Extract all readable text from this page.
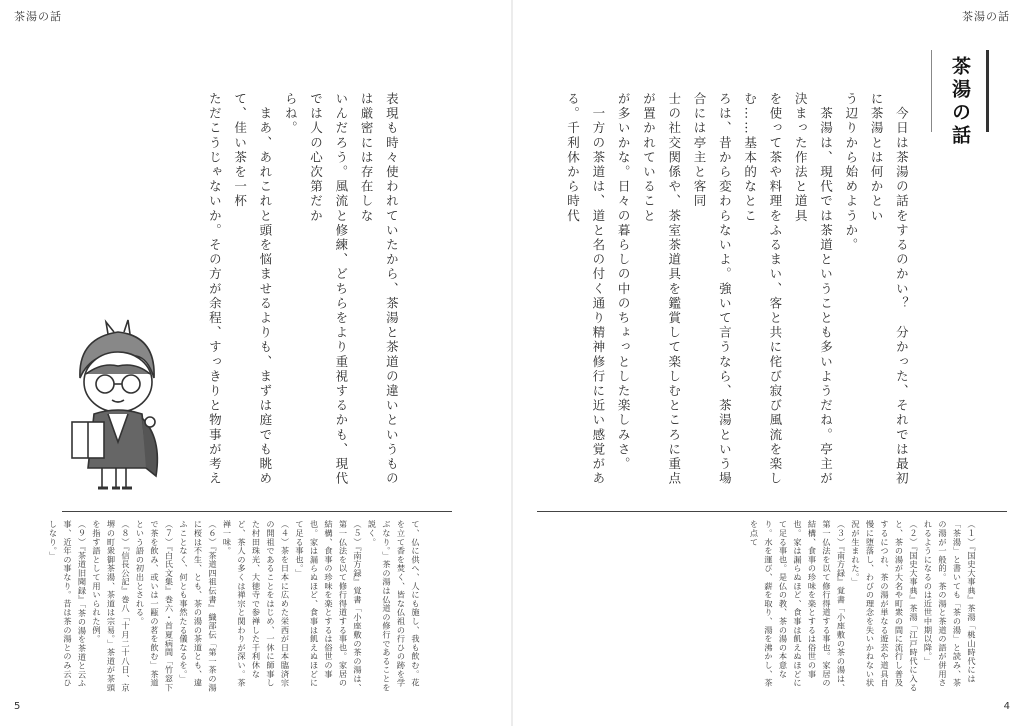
茶湯の話	茶湯の話
茶湯の話

　今日は茶湯の話をするのかい？　分かった、それでは最初に茶湯とは何かとい
う辺りから始めようか。
　茶湯は、現代では茶道ということも多いようだね。亭主が決まった作法と道具
を使って茶や料理をふるまい、客と共に侘び寂び風流を楽しむ……基本的なとこ
ろは、昔から変わらないよ。強いて言うなら、茶湯という場合には亭主と客同
士の社交関係や、茶室茶道具を鑑賞して楽しむところに重点が置かれていること
が多いかな。日々の暮らしの中のちょっとした楽しみさ。
　一方の茶道は、道と名の付く通り精神修行に近い感覚がある。千利休から時代

表現も時々使われていたから、茶湯と茶道の違いというものは厳密には存在しな
いんだろう。風流と修練、どちらをより重視するかも、現代では人の心次第だか
らね。
　まあ、あれこれと頭を悩ませるよりも、まずは庭でも眺めて、佳い茶を一杯
ただこうじゃないか。その方が余程、すっきりと物事が考え

（１）『国史大事典』茶湯「桃山時代には「茶湯」と書いても「茶の湯」と読み、茶の湯が一般的。茶の湯と茶道の語が併用されるようになるのは近世中期以降。」
（２）『国史大事典』茶湯「江戸時代に入ると、茶の湯が大名や町衆の間に流行し普及するにつれ、茶の湯が単なる遊芸や道具自慢に堕落し、わびの理念を失いかねない状況が生まれた。」
（３）『南方録』覚書「小座敷の茶の湯は、第一仏法を以て修行得道する事也。家居の結構、食事の珍味を楽とするは俗世の事也。家は漏らぬほど、食事は飢えぬほどにて足る事也。是仏の教、茶の湯の本意なり。水を運び、薪を取り、湯を沸かし、茶を点て

て、仏に供へ、人にも施し、我も飲む。花を立て香を焚く、皆な仏祖の行ひの跡を学ぶなり。」茶の湯は仏道の修行であることを説く。
（５）『南方録』覚書「小座敷の茶の湯は、第一仏法を以て修行得道する事也。家居の結構、食事の珍味を楽とするは俗世の事也。家は漏らぬほど、食事は飢えぬほどにて足る事也。」
（４）茶を日本に広めた栄西が日本臨済宗の開祖であることをはじめ、一休に師事した村田珠光、大徳寺で参禅した千利休など、茶人の多くは禅宗と関わりが深い。茶禅一味。
（６）『茶道四祖伝書』織部伝「第一茶の湯に桜は不生、とも、茶の湯の茶道とも、違ふことなく、何とも事然たる儀なるを。」
（７）『白氏文集』巻六・首夏病間「竹窓下で茶を飲み、或いは一甌の茗を飲む」茶道という語の初出とされる。
（８）『信長公記』巻八「十月二十八日、京堺の町衆御茶湯、茶道は宗易。」茶道が茶頭を指す語として用いられた例。
（９）『茶道旧聞録』「茶の湯を茶道と云ふ事、近年の事なり。昔は茶の湯とのみ云ひしなり。」

5	4
